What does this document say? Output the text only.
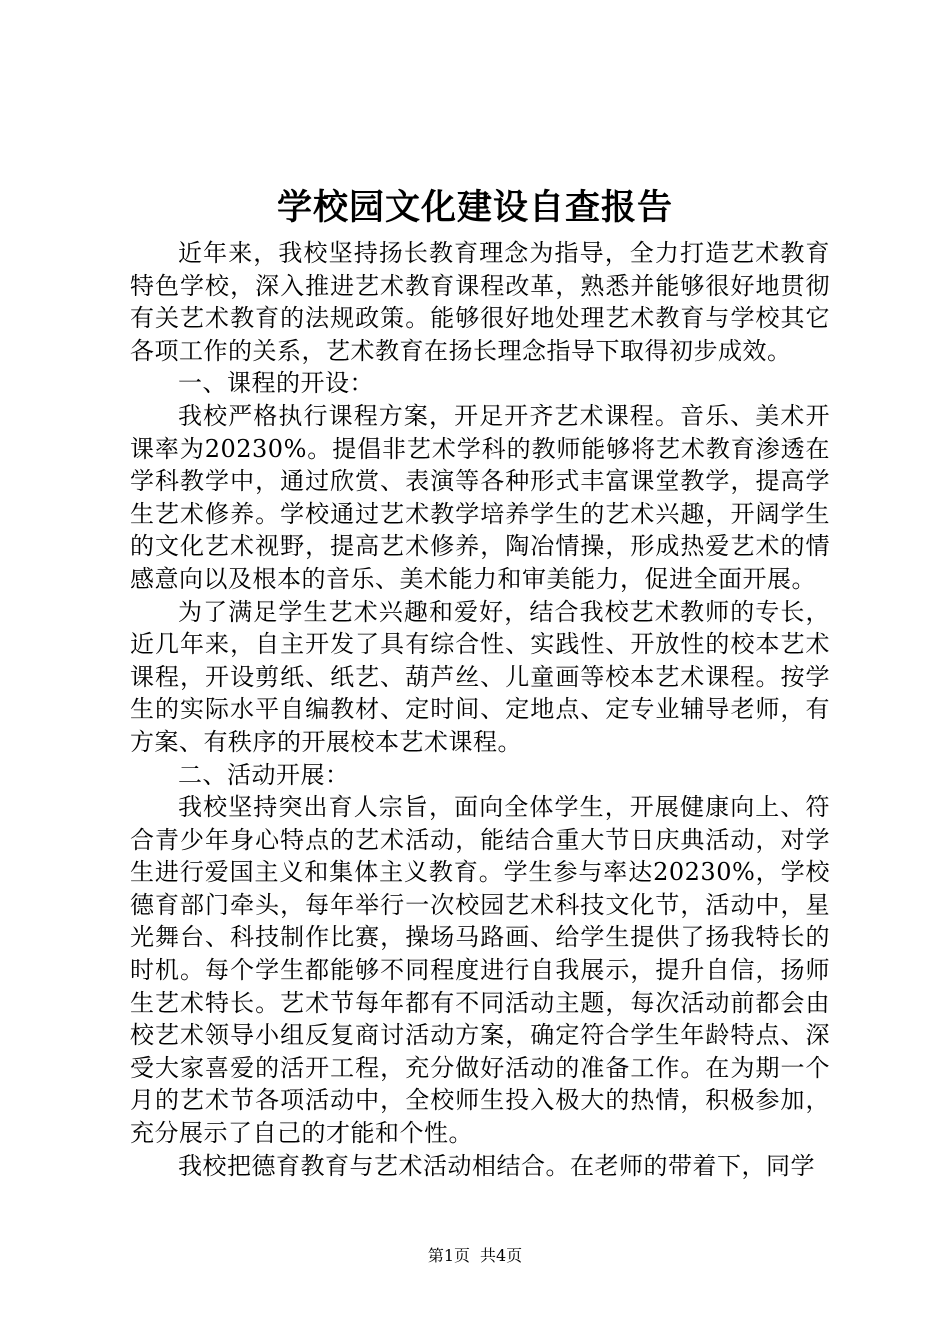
学校园文化建设自查报告

近年来，我校坚持扬长教育理念为指导，全力打造艺术教育特色学校，深入推进艺术教育课程改革，熟悉并能够很好地贯彻有关艺术教育的法规政策。能够很好地处理艺术教育与学校其它各项工作的关系，艺术教育在扬长理念指导下取得初步成效。

一、课程的开设：

我校严格执行课程方案，开足开齐艺术课程。音乐、美术开课率为20230%。提倡非艺术学科的教师能够将艺术教育渗透在学科教学中，通过欣赏、表演等各种形式丰富课堂教学，提高学生艺术修养。学校通过艺术教学培养学生的艺术兴趣，开阔学生的文化艺术视野，提高艺术修养，陶冶情操，形成热爱艺术的情感意向以及根本的音乐、美术能力和审美能力，促进全面开展。

为了满足学生艺术兴趣和爱好，结合我校艺术教师的专长，近几年来，自主开发了具有综合性、实践性、开放性的校本艺术课程，开设剪纸、纸艺、葫芦丝、儿童画等校本艺术课程。按学生的实际水平自编教材、定时间、定地点、定专业辅导老师，有方案、有秩序的开展校本艺术课程。

二、活动开展：

我校坚持突出育人宗旨，面向全体学生，开展健康向上、符合青少年身心特点的艺术活动，能结合重大节日庆典活动，对学生进行爱国主义和集体主义教育。学生参与率达20230%，学校德育部门牵头，每年举行一次校园艺术科技文化节，活动中，星光舞台、科技制作比赛，操场马路画、给学生提供了扬我特长的时机。每个学生都能够不同程度进行自我展示，提升自信，扬师生艺术特长。艺术节每年都有不同活动主题，每次活动前都会由校艺术领导小组反复商讨活动方案，确定符合学生年龄特点、深受大家喜爱的活开工程，充分做好活动的准备工作。在为期一个月的艺术节各项活动中，全校师生投入极大的热情，积极参加，充分展示了自己的才能和个性。

我校把德育教育与艺术活动相结合。在老师的带着下，同学

第1页 共4页
